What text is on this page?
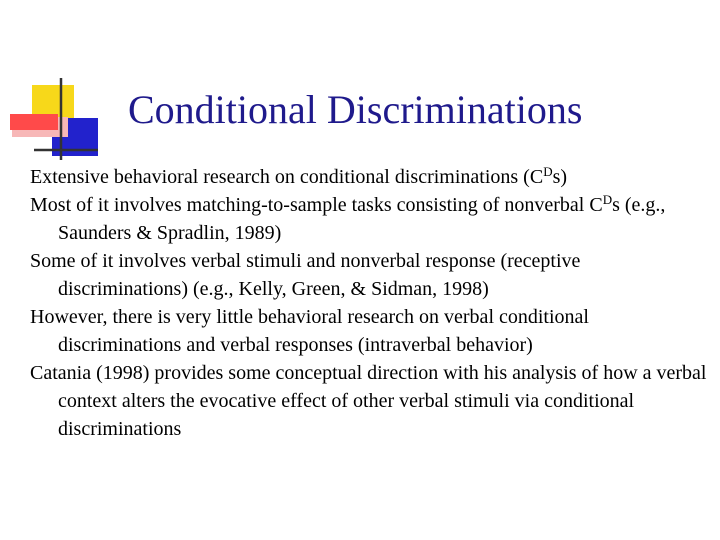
Conditional Discriminations
Extensive behavioral research on conditional discriminations $(C^Ds)$
Most of it involves matching-to-sample tasks consisting of nonverbal $C^Ds$ (e.g., Saunders & Spradlin, 1989)
Some of it involves verbal stimuli and nonverbal response (receptive discriminations) (e.g., Kelly, Green, & Sidman, 1998)
However, there is very little behavioral research on verbal conditional discriminations and verbal responses (intraverbal behavior)
Catania (1998) provides some conceptual direction with his analysis of how a verbal context alters the evocative effect of other verbal stimuli via conditional discriminations
